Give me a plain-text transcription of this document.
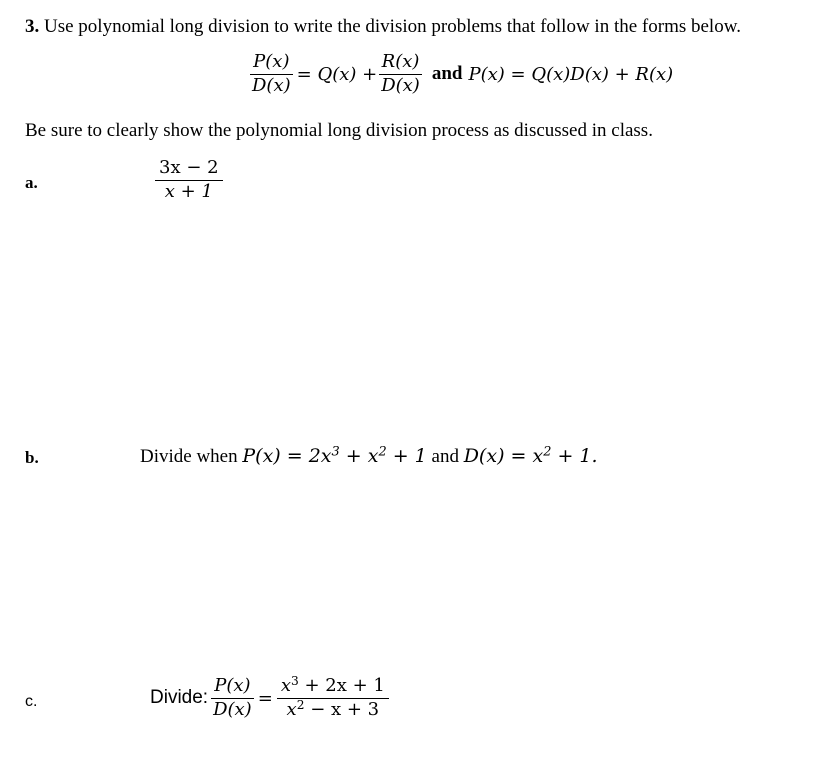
3. Use polynomial long division to write the division problems that follow in the forms below.
$\frac{P(x)}{D(x)} = Q(x) + \frac{R(x)}{D(x)}$ and P(x) = Q(x)D(x) + R(x)
Be sure to clearly show the polynomial long division process as discussed in class.
a.	$\frac{3x - 2}{x + 1}$
b.	Divide when $P(x) = 2x^3 + x^2 + 1$ and $D(x) = x^2 + 1$.
c.	Divide: $\frac{P(x)}{D(x)} = \frac{x^3 + 2x + 1}{x^2 - x + 3}$
